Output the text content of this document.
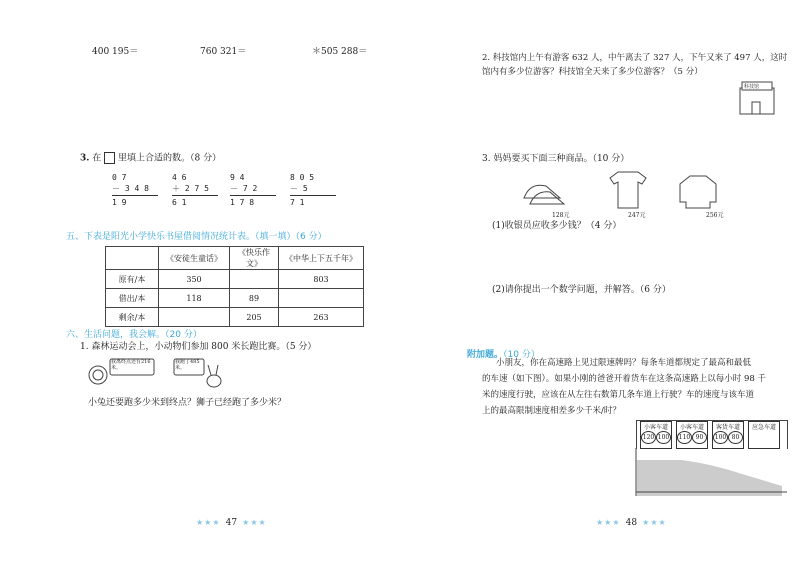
400 195＝	760 321＝	＊505 288＝
3. 在 里填上合适的数。（8 分）
0 7
－ 3 4 8
1 9
4 6
＋ 2 7 5
6 1
9 4
－ 7 2
1 7 8
8 0 5
－ 5
7 1
五、下表是阳光小学快乐书屋借阅情况统计表。（填一填）（6 分）
	《安徒生童话》	《快乐作文》	《中华上下五千年》
原有/本	350		803
借出/本	118	89	
剩余/本		205	263
六、生活问题，我会解。（20 分）
1. 森林运动会上，小动物们参加 800 米长跑比赛。（5 分）
我离终点还有216米。
我跑了485米。
小兔还要跑多少米到终点？狮子已经跑了多少米？
★★★ 47 ★★★
2. 科技馆内上午有游客 632 人，中午离去了 327 人，下午又来了 497 人，这时
馆内有多少位游客？科技馆全天来了多少位游客？（5 分）
科技馆
3. 妈妈要买下面三种商品。（10 分）
128元	247元	256元
(1)收银员应收多少钱？（4 分）
(2)请你提出一个数学问题，并解答。（6 分）
附加题。（10 分）
小朋友，你在高速路上见过限速牌吗？每条车道都规定了最高和最低
的车速（如下图）。如果小刚的爸爸开着货车在这条高速路上以每小时 98 千
米的速度行驶，应该在从左往右数第几条车道上行驶？车的速度与该车道
上的最高限制速度相差多少千米/时？
小客车道
120 100
小客车道
110 90
客货车道
100 80
应急车道
★★★ 48 ★★★
